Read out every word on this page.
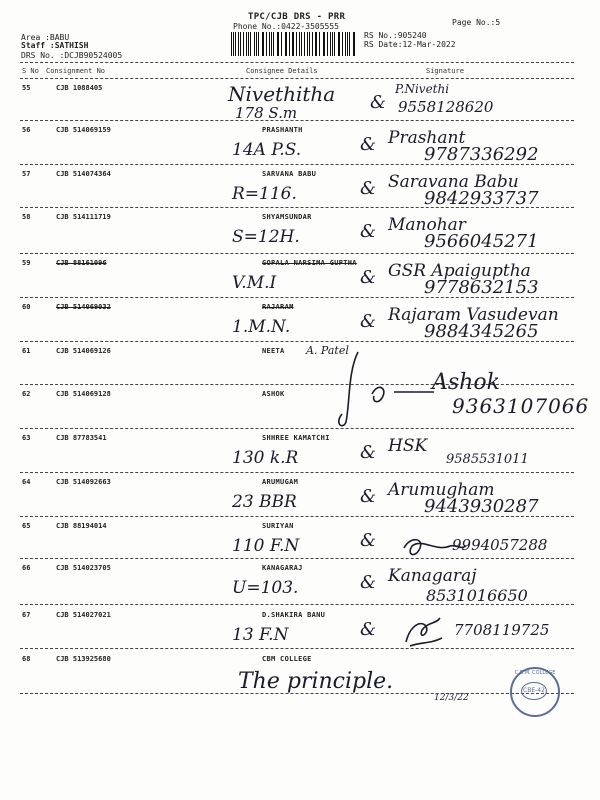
TPC/CJB DRS - PRR
Phone No.:0422-3505555	Page No.:5
RS No.:905240
RS Date:12-Mar-2022
Area :BABU
Staff :SATHISH
DRS No. :DCJB90524005
S No Consignment No	Consignee Details	Signature
55	CJB 1088405	Nivethitha
178 S.m	&
P.Nivethi
9558128620
56	CJB 514069159	PRASHANTH
14A P.S.	& Prashant
9787336292
57	CJB 514074364	SARVANA BABU
R=116.	& Saravana Babu
9842933737
58	CJB 514111719	SHYAMSUNDAR
S=12H.	& Manohar
9566045271
59	CJB 88161096	GOPALA NARSIMA GUPTHA
V.M.I	& GSR Apaiguptha
9778632153
60	CJB 514069032	RAJARAM
1.M.N.	& Rajaram Vasudevan
9884345265
61	CJB 514069126	NEETA A. Patel
62	CJB 514069128	ASHOK	Ashok
9363107066
63	CJB 87783541	SHHREE KAMATCHI
130 k.R	& HSK
9585531011
64	CJB 514092663	ARUMUGAM
23 BBR	& Arumugham
9443930287
65	CJB 88194014	SURIYAN
110 F.N	&	9994057288
66	CJB 514023705	KANAGARAJ
U=103.	& Kanagaraj
8531016650
67	CJB 514027021	D.SHAKIRA BANU
13 F.N	&	7708119725
68	CJB 513925680	CBM COLLEGE
The principle.
12/3/22
C.B.M. COLLEGE
CBE-42
